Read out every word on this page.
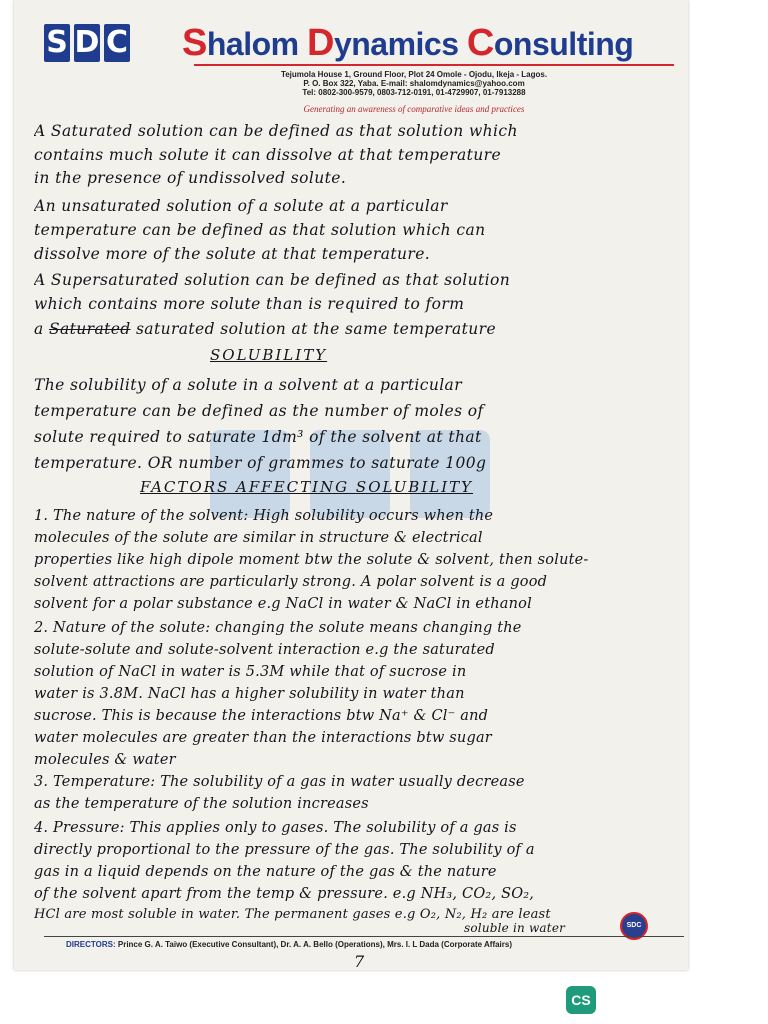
S D C Shalom Dynamics Consulting
Tejumola House 1, Ground Floor, Plot 24 Omole - Ojodu, Ikeja - Lagos.
P. O. Box 322, Yaba. E-mail: shalomdynamics@yahoo.com
Tel: 0802-300-9579, 0803-712-0191, 01-4729907, 01-7913288
Generating an awareness of comparative ideas and practices
A Saturated solution can be defined as that solution which
contains much solute it can dissolve at that temperature
in the presence of undissolved solute.
An unsaturated solution of a solute at a particular
temperature can be defined as that solution which can
dissolve more of the solute at that temperature.
A Supersaturated solution can be defined as that solution
which contains more solute than is required to form
a Saturated saturated solution at the same temperature
SOLUBILITY
The solubility of a solute in a solvent at a particular
temperature can be defined as the number of moles of
solute required to saturate 1dm³ of the solvent at that
temperature. OR number of grammes to saturate 100g
FACTORS AFFECTING SOLUBILITY
1. The nature of the solvent: High solubility occurs when the
molecules of the solute are similar in structure & electrical
properties like high dipole moment btw the solute & solvent, then solute-
solvent attractions are particularly strong. A polar solvent is a good
solvent for a polar substance e.g NaCl in water & NaCl in ethanol
2. Nature of the solute: changing the solute means changing the
solute-solute and solute-solvent interaction e.g the saturated
solution of NaCl in water is 5.3M while that of sucrose in
water is 3.8M. NaCl has a higher solubility in water than
sucrose. This is because the interactions btw Na⁺ & Cl⁻ and
water molecules are greater than the interactions btw sugar
molecules & water
3. Temperature: The solubility of a gas in water usually decrease
as the temperature of the solution increases
4. Pressure: This applies only to gases. The solubility of a gas is
directly proportional to the pressure of the gas. The solubility of a
gas in a liquid depends on the nature of the gas & the nature
of the solvent apart from the temp & pressure. e.g NH₃, CO₂, SO₂,
HCl are most soluble in water. The permanent gases e.g O₂, N₂, H₂ are least
soluble in water	SDC
DIRECTORS: Prince G. A. Taiwo (Executive Consultant), Dr. A. A. Bello (Operations), Mrs. I. L Dada (Corporate Affairs)
7
CS
